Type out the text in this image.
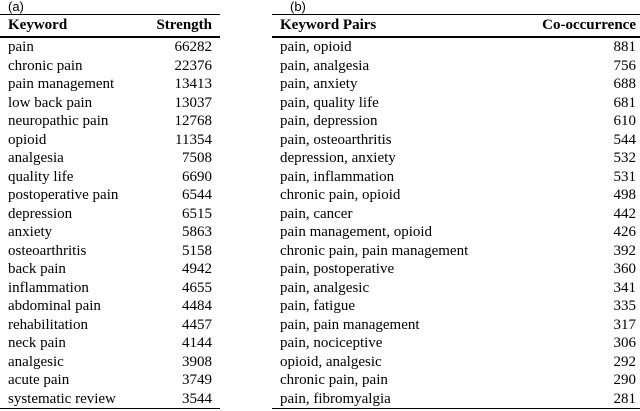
(a)
Keyword	Strength
pain	66282
chronic pain	22376
pain management	13413
low back pain	13037
neuropathic pain	12768
opioid	11354
analgesia	7508
quality life	6690
postoperative pain	6544
depression	6515
anxiety	5863
osteoarthritis	5158
back pain	4942
inflammation	4655
abdominal pain	4484
rehabilitation	4457
neck pain	4144
analgesic	3908
acute pain	3749
systematic review	3544
(b)
Keyword Pairs	Co-occurrence
pain, opioid	881
pain, analgesia	756
pain, anxiety	688
pain, quality life	681
pain, depression	610
pain, osteoarthritis	544
depression, anxiety	532
pain, inflammation	531
chronic pain, opioid	498
pain, cancer	442
pain management, opioid	426
chronic pain, pain management	392
pain, postoperative	360
pain, analgesic	341
pain, fatigue	335
pain, pain management	317
pain, nociceptive	306
opioid, analgesic	292
chronic pain, pain	290
pain, fibromyalgia	281
